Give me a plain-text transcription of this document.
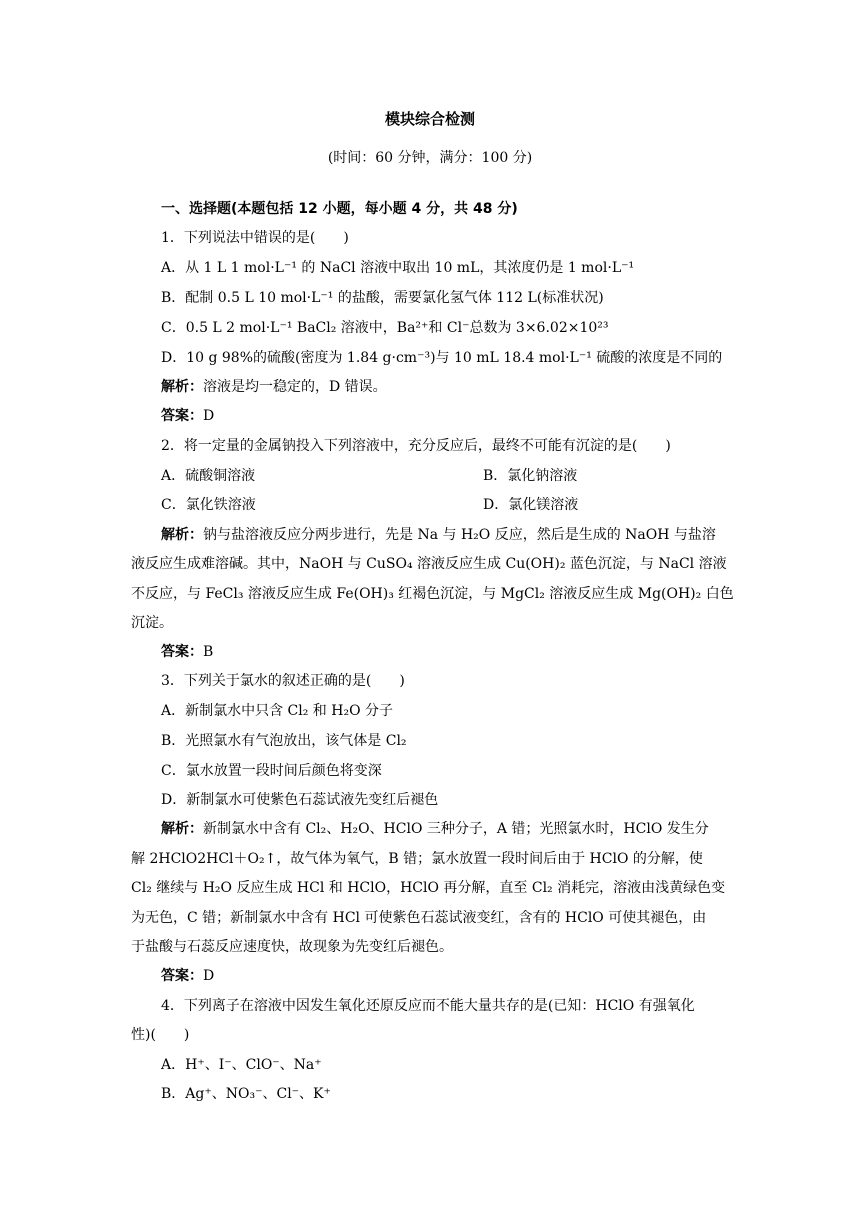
模块综合检测
(时间：60 分钟，满分：100 分)
一、选择题(本题包括 12 小题，每小题 4 分，共 48 分)
1．下列说法中错误的是(　　)
A．从 1 L 1 mol·L⁻¹ 的 NaCl 溶液中取出 10 mL，其浓度仍是 1 mol·L⁻¹
B．配制 0.5 L 10 mol·L⁻¹ 的盐酸，需要氯化氢气体 112 L(标准状况)
C．0.5 L 2 mol·L⁻¹ BaCl₂ 溶液中，Ba²⁺和 Cl⁻总数为 3×6.02×10²³
D．10 g 98%的硫酸(密度为 1.84 g·cm⁻³)与 10 mL 18.4 mol·L⁻¹ 硫酸的浓度是不同的
解析：溶液是均一稳定的，D 错误。
答案：D
2．将一定量的金属钠投入下列溶液中，充分反应后，最终不可能有沉淀的是(　　)
A．硫酸铜溶液	B．氯化钠溶液
C．氯化铁溶液	D．氯化镁溶液
解析：钠与盐溶液反应分两步进行，先是 Na 与 H₂O 反应，然后是生成的 NaOH 与盐溶
液反应生成难溶碱。其中，NaOH 与 CuSO₄ 溶液反应生成 Cu(OH)₂ 蓝色沉淀，与 NaCl 溶液
不反应，与 FeCl₃ 溶液反应生成 Fe(OH)₃ 红褐色沉淀，与 MgCl₂ 溶液反应生成 Mg(OH)₂ 白色
沉淀。
答案：B
3．下列关于氯水的叙述正确的是(　　)
A．新制氯水中只含 Cl₂ 和 H₂O 分子
B．光照氯水有气泡放出，该气体是 Cl₂
C．氯水放置一段时间后颜色将变深
D．新制氯水可使紫色石蕊试液先变红后褪色
解析：新制氯水中含有 Cl₂、H₂O、HClO 三种分子，A 错；光照氯水时，HClO 发生分
解 2HClO2HCl＋O₂↑，故气体为氧气，B 错；氯水放置一段时间后由于 HClO 的分解，使
Cl₂ 继续与 H₂O 反应生成 HCl 和 HClO，HClO 再分解，直至 Cl₂ 消耗完，溶液由浅黄绿色变
为无色，C 错；新制氯水中含有 HCl 可使紫色石蕊试液变红，含有的 HClO 可使其褪色，由
于盐酸与石蕊反应速度快，故现象为先变红后褪色。
答案：D
4．下列离子在溶液中因发生氧化还原反应而不能大量共存的是(已知：HClO 有强氧化
性)(　　)
A．H⁺、I⁻、ClO⁻、Na⁺
B．Ag⁺、NO₃⁻、Cl⁻、K⁺
